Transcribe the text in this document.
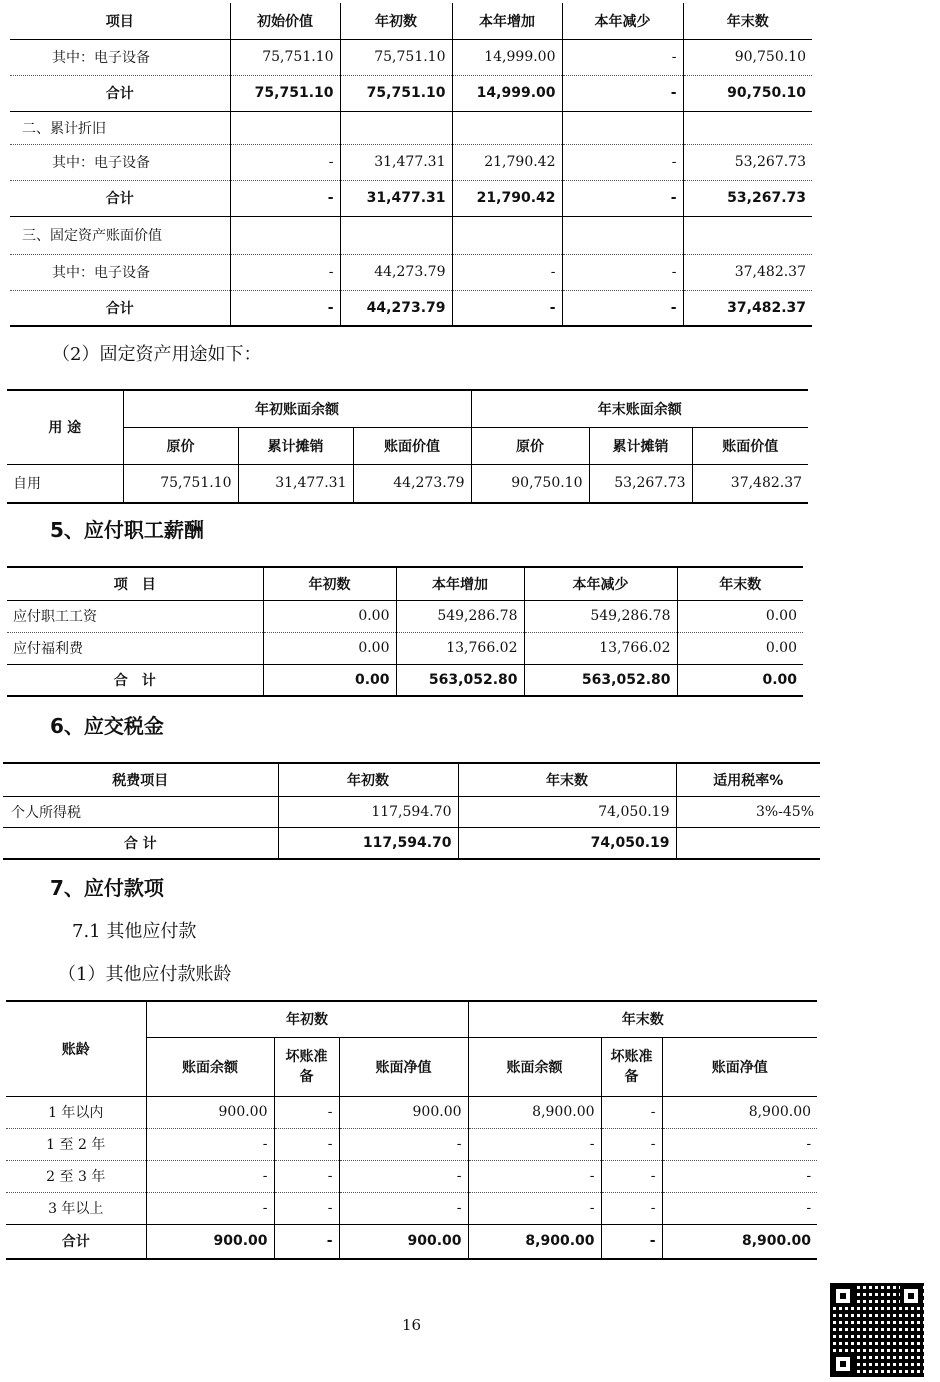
项目	初始价值	年初数	本年增加	本年减少	年末数
其中：电子设备	75,751.10	75,751.10	14,999.00	-	90,750.10
合计	75,751.10	75,751.10	14,999.00	-	90,750.10
二、累计折旧					
其中：电子设备	-	31,477.31	21,790.42	-	53,267.73
合计	-	31,477.31	21,790.42	-	53,267.73
三、固定资产账面价值					
其中：电子设备	-	44,273.79	-	-	37,482.37
合计	-	44,273.79	-	-	37,482.37
（2）固定资产用途如下：
用 途	年初账面余额			年末账面余额		
	原价	累计摊销	账面价值	原价	累计摊销	账面价值
自用	75,751.10	31,477.31	44,273.79	90,750.10	53,267.73	37,482.37
5、应付职工薪酬
项　目	年初数	本年增加	本年减少	年末数
应付职工工资	0.00	549,286.78	549,286.78	0.00
应付福利费	0.00	13,766.02	13,766.02	0.00
合　计	0.00	563,052.80	563,052.80	0.00
6、应交税金
税费项目	年初数	年末数	适用税率%
个人所得税	117,594.70	74,050.19	3%-45%
合 计	117,594.70	74,050.19	
7、应付款项
7.1 其他应付款
（1）其他应付款账龄
账龄	年初数			年末数		
	账面余额	坏账准备	账面净值	账面余额	坏账准备	账面净值
1 年以内	900.00	-	900.00	8,900.00	-	8,900.00
1 至 2 年	-	-	-	-	-	-
2 至 3 年	-	-	-	-	-	-
3 年以上	-	-	-	-	-	-
合计	900.00	-	900.00	8,900.00	-	8,900.00
16
